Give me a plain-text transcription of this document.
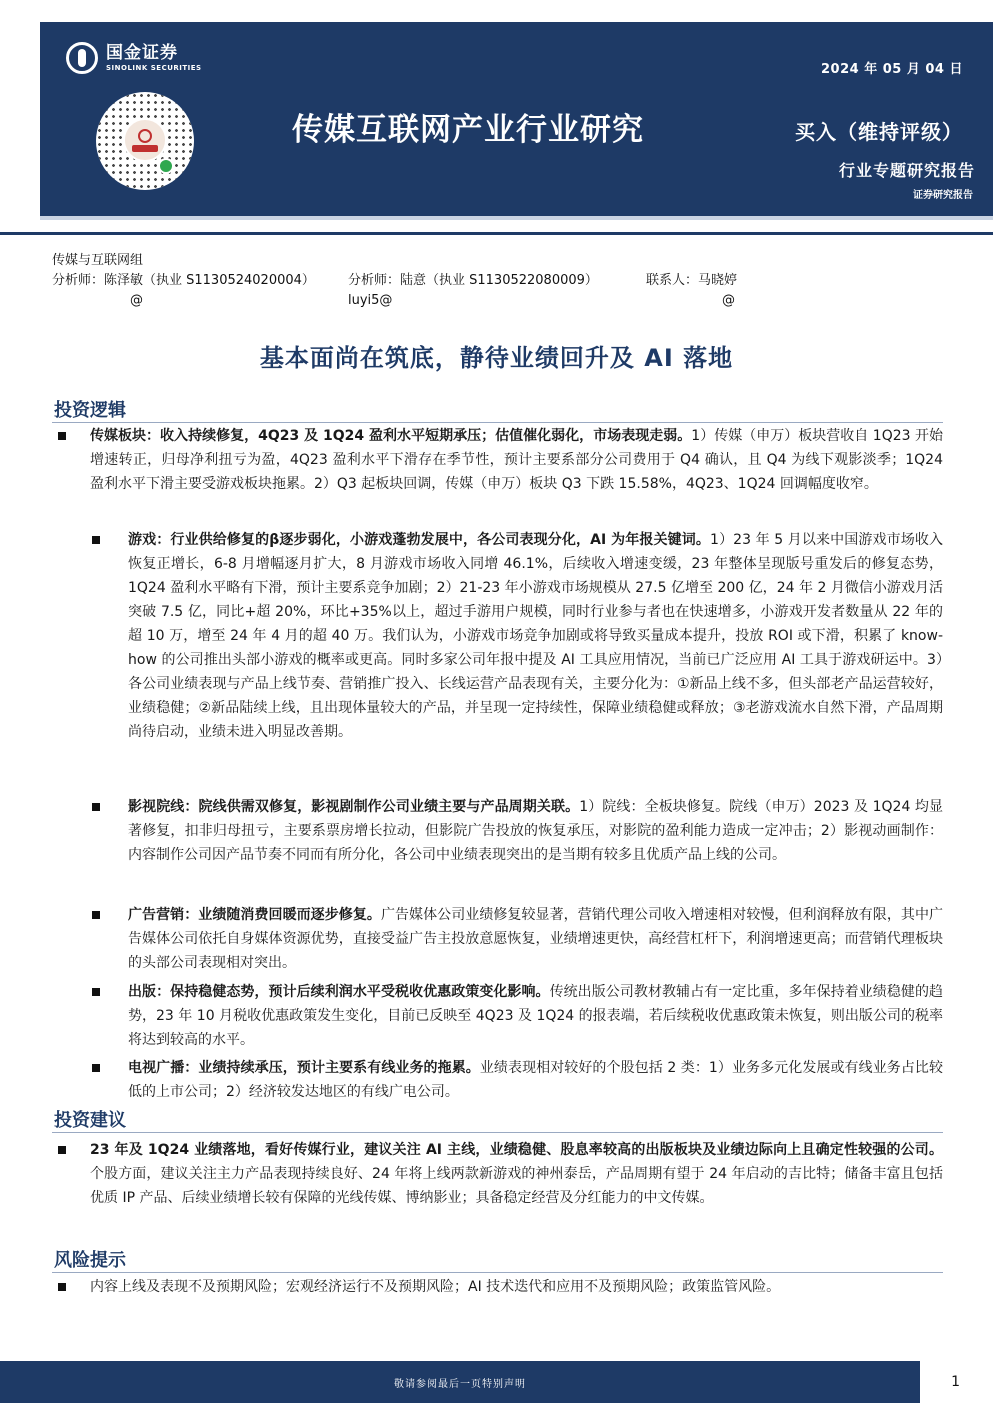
国金证券
SINOLINK SECURITIES	2024 年 05 月 04 日
传媒互联网产业行业研究	买入（维持评级）
行业专题研究报告
证券研究报告
传媒与互联网组
分析师：陈泽敏（执业 S1130524020004）	分析师：陆意（执业 S1130522080009）	联系人：马晓婷
@	luyi5@	@
基本面尚在筑底，静待业绩回升及 AI 落地
投资逻辑
传媒板块：收入持续修复，4Q23 及 1Q24 盈利水平短期承压；估值催化弱化，市场表现走弱。1）传媒（申万）板块营收自 1Q23 开始增速转正，归母净利扭亏为盈，4Q23 盈利水平下滑存在季节性，预计主要系部分公司费用于 Q4 确认，且 Q4 为线下观影淡季；1Q24 盈利水平下滑主要受游戏板块拖累。2）Q3 起板块回调，传媒（申万）板块 Q3 下跌 15.58%，4Q23、1Q24 回调幅度收窄。
游戏：行业供给修复的β逐步弱化，小游戏蓬勃发展中，各公司表现分化，AI 为年报关键词。1）23 年 5 月以来中国游戏市场收入恢复正增长，6-8 月增幅逐月扩大，8 月游戏市场收入同增 46.1%，后续收入增速变缓，23 年整体呈现版号重发后的修复态势，1Q24 盈利水平略有下滑，预计主要系竞争加剧；2）21-23 年小游戏市场规模从 27.5 亿增至 200 亿，24 年 2 月微信小游戏月活突破 7.5 亿，同比+超 20%，环比+35%以上，超过手游用户规模，同时行业参与者也在快速增多，小游戏开发者数量从 22 年的超 10 万，增至 24 年 4 月的超 40 万。我们认为，小游戏市场竞争加剧或将导致买量成本提升，投放 ROI 或下滑，积累了 know-how 的公司推出头部小游戏的概率或更高。同时多家公司年报中提及 AI 工具应用情况，当前已广泛应用 AI 工具于游戏研运中。3）各公司业绩表现与产品上线节奏、营销推广投入、长线运营产品表现有关，主要分化为：①新品上线不多，但头部老产品运营较好，业绩稳健；②新品陆续上线，且出现体量较大的产品，并呈现一定持续性，保障业绩稳健或释放；③老游戏流水自然下滑，产品周期尚待启动，业绩未进入明显改善期。
影视院线：院线供需双修复，影视剧制作公司业绩主要与产品周期关联。1）院线：全板块修复。院线（申万）2023 及 1Q24 均显著修复，扣非归母扭亏，主要系票房增长拉动，但影院广告投放的恢复承压，对影院的盈利能力造成一定冲击；2）影视动画制作：内容制作公司因产品节奏不同而有所分化，各公司中业绩表现突出的是当期有较多且优质产品上线的公司。
广告营销：业绩随消费回暖而逐步修复。广告媒体公司业绩修复较显著，营销代理公司收入增速相对较慢，但利润释放有限，其中广告媒体公司依托自身媒体资源优势，直接受益广告主投放意愿恢复，业绩增速更快，高经营杠杆下，利润增速更高；而营销代理板块的头部公司表现相对突出。
出版：保持稳健态势，预计后续利润水平受税收优惠政策变化影响。传统出版公司教材教辅占有一定比重，多年保持着业绩稳健的趋势，23 年 10 月税收优惠政策发生变化，目前已反映至 4Q23 及 1Q24 的报表端，若后续税收优惠政策未恢复，则出版公司的税率将达到较高的水平。
电视广播：业绩持续承压，预计主要系有线业务的拖累。业绩表现相对较好的个股包括 2 类：1）业务多元化发展或有线业务占比较低的上市公司；2）经济较发达地区的有线广电公司。
投资建议
23 年及 1Q24 业绩落地，看好传媒行业，建议关注 AI 主线，业绩稳健、股息率较高的出版板块及业绩边际向上且确定性较强的公司。个股方面，建议关注主力产品表现持续良好、24 年将上线两款新游戏的神州泰岳，产品周期有望于 24 年启动的吉比特；储备丰富且包括优质 IP 产品、后续业绩增长较有保障的光线传媒、博纳影业；具备稳定经营及分红能力的中文传媒。
风险提示
内容上线及表现不及预期风险；宏观经济运行不及预期风险；AI 技术迭代和应用不及预期风险；政策监管风险。
敬请参阅最后一页特别声明	1
